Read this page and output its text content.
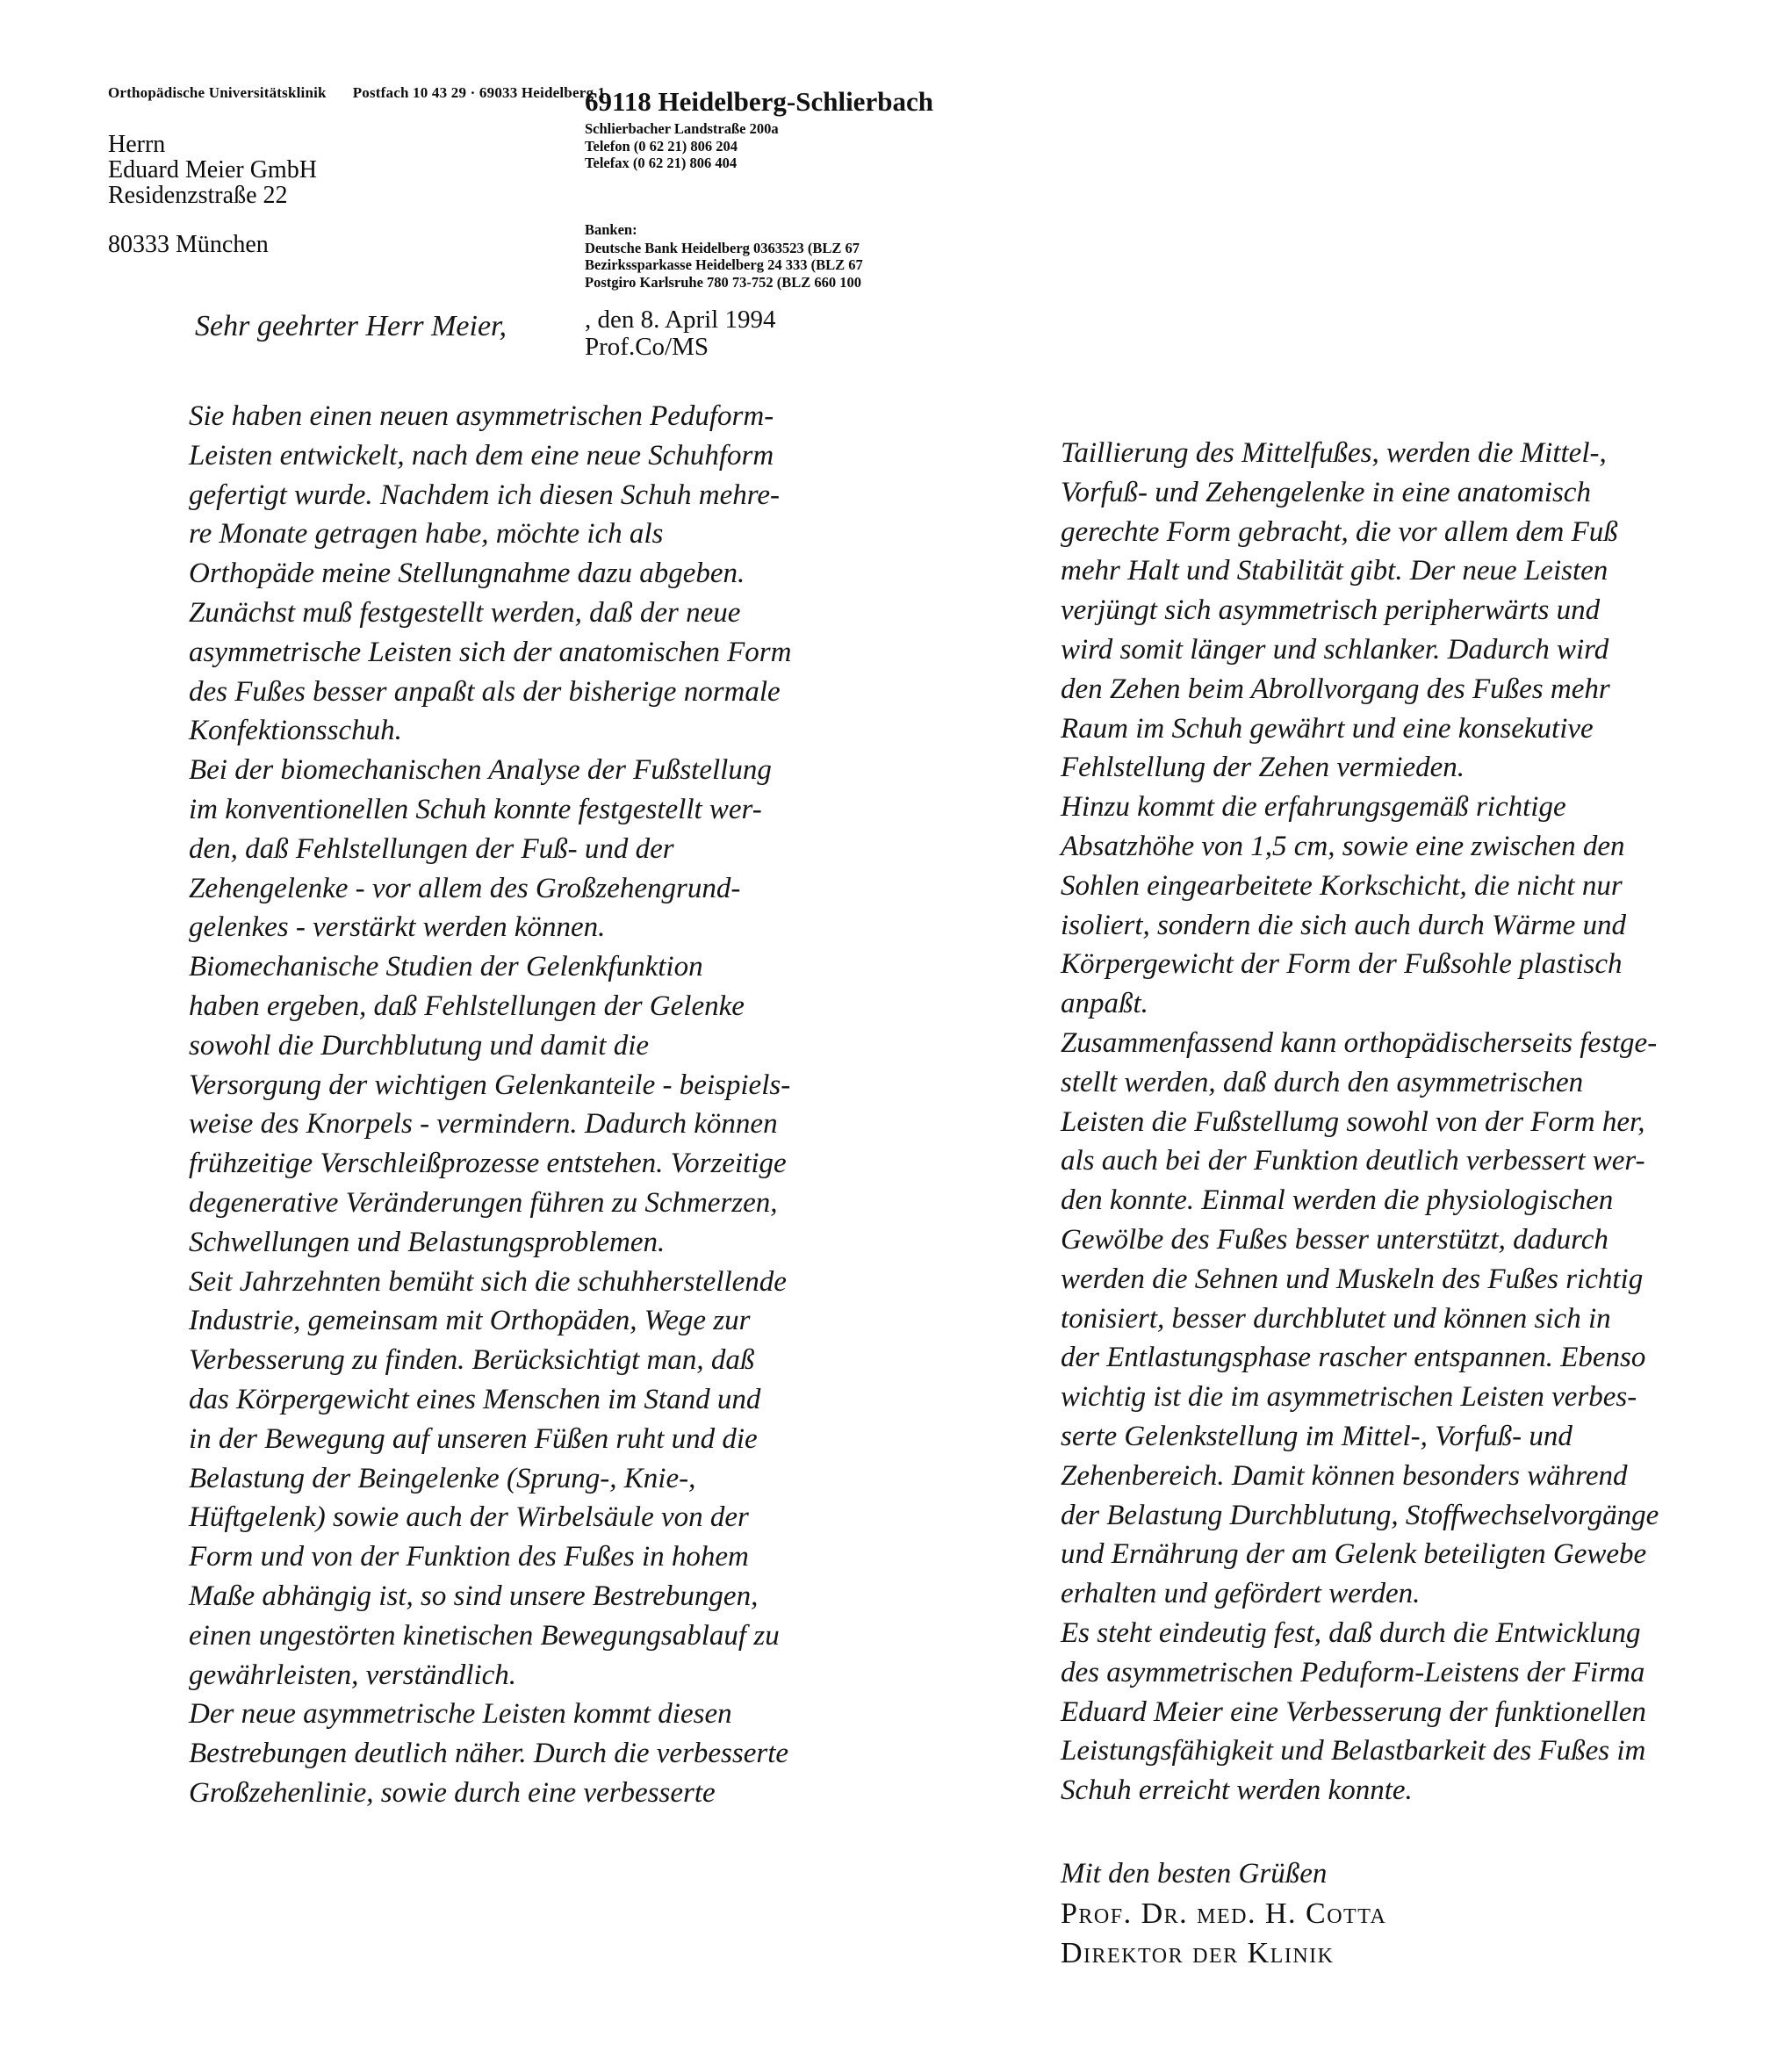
Orthopädische Universitätsklinik Postfach 10 43 29 · 69033 Heidelberg 1
Herrn
Eduard Meier GmbH
Residenzstraße 22
80333 München
69118 Heidelberg-Schlierbach
Schlierbacher Landstraße 200a
Telefon (0 62 21) 806 204
Telefax (0 62 21) 806 404
Banken:
Deutsche Bank Heidelberg 0363523 (BLZ 67
Bezirkssparkasse Heidelberg 24 333 (BLZ 67
Postgiro Karlsruhe 780 73-752 (BLZ 660 100
, den 8. April 1994
Prof.Co/MS
Sehr geehrter Herr Meier,
Sie haben einen neuen asymmetrischen Peduform-
Leisten entwickelt, nach dem eine neue Schuhform
gefertigt wurde. Nachdem ich diesen Schuh mehre-
re Monate getragen habe, möchte ich als
Orthopäde meine Stellungnahme dazu abgeben.
Zunächst muß festgestellt werden, daß der neue
asymmetrische Leisten sich der anatomischen Form
des Fußes besser anpaßt als der bisherige normale
Konfektionsschuh.
Bei der biomechanischen Analyse der Fußstellung
im konventionellen Schuh konnte festgestellt wer-
den, daß Fehlstellungen der Fuß- und der
Zehengelenke - vor allem des Großzehengrund-
gelenkes - verstärkt werden können.
Biomechanische Studien der Gelenkfunktion
haben ergeben, daß Fehlstellungen der Gelenke
sowohl die Durchblutung und damit die
Versorgung der wichtigen Gelenkanteile - beispiels-
weise des Knorpels - vermindern. Dadurch können
frühzeitige Verschleißprozesse entstehen. Vorzeitige
degenerative Veränderungen führen zu Schmerzen,
Schwellungen und Belastungsproblemen.
Seit Jahrzehnten bemüht sich die schuhherstellende
Industrie, gemeinsam mit Orthopäden, Wege zur
Verbesserung zu finden. Berücksichtigt man, daß
das Körpergewicht eines Menschen im Stand und
in der Bewegung auf unseren Füßen ruht und die
Belastung der Beingelenke (Sprung-, Knie-,
Hüftgelenk) sowie auch der Wirbelsäule von der
Form und von der Funktion des Fußes in hohem
Maße abhängig ist, so sind unsere Bestrebungen,
einen ungestörten kinetischen Bewegungsablauf zu
gewährleisten, verständlich.
Der neue asymmetrische Leisten kommt diesen
Bestrebungen deutlich näher. Durch die verbesserte
Großzehenlinie, sowie durch eine verbesserte
Taillierung des Mittelfußes, werden die Mittel-,
Vorfuß- und Zehengelenke in eine anatomisch
gerechte Form gebracht, die vor allem dem Fuß
mehr Halt und Stabilität gibt. Der neue Leisten
verjüngt sich asymmetrisch peripherwärts und
wird somit länger und schlanker. Dadurch wird
den Zehen beim Abrollvorgang des Fußes mehr
Raum im Schuh gewährt und eine konsekutive
Fehlstellung der Zehen vermieden.
Hinzu kommt die erfahrungsgemäß richtige
Absatzhöhe von 1,5 cm, sowie eine zwischen den
Sohlen eingearbeitete Korkschicht, die nicht nur
isoliert, sondern die sich auch durch Wärme und
Körpergewicht der Form der Fußsohle plastisch
anpaßt.
Zusammenfassend kann orthopädischerseits festge-
stellt werden, daß durch den asymmetrischen
Leisten die Fußstellumg sowohl von der Form her,
als auch bei der Funktion deutlich verbessert wer-
den konnte. Einmal werden die physiologischen
Gewölbe des Fußes besser unterstützt, dadurch
werden die Sehnen und Muskeln des Fußes richtig
tonisiert, besser durchblutet und können sich in
der Entlastungsphase rascher entspannen. Ebenso
wichtig ist die im asymmetrischen Leisten verbes-
serte Gelenkstellung im Mittel-, Vorfuß- und
Zehenbereich. Damit können besonders während
der Belastung Durchblutung, Stoffwechselvorgänge
und Ernährung der am Gelenk beteiligten Gewebe
erhalten und gefördert werden.
Es steht eindeutig fest, daß durch die Entwicklung
des asymmetrischen Peduform-Leistens der Firma
Eduard Meier eine Verbesserung der funktionellen
Leistungsfähigkeit und Belastbarkeit des Fußes im
Schuh erreicht werden konnte.
Mit den besten Grüßen
Prof. Dr. med. H. Cotta
Direktor der Klinik
